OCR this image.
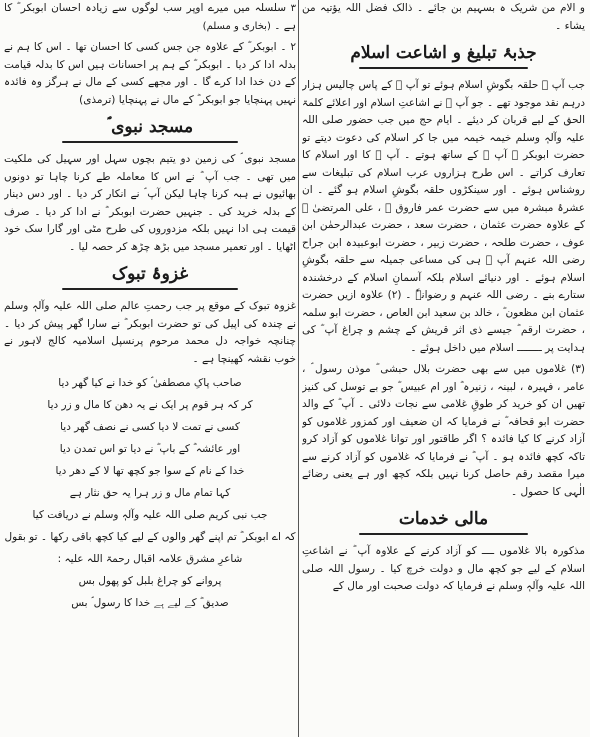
و الام من شریک ہ بسہیم بن جائے ۔ ذالک فضل اللہ یؤتیہ من یشاء ۔

جذبۂ تبلیغ و اشاعت اسلام

جب آپ ؓ حلقہ بگوشِ اسلام ہوئے تو آپ ؓ کے پاس چالیس ہزار درہم نقد موجود تھے ۔ جو آپ ؓ نے اشاعتِ اسلام اور اعلائے کلمۃ الحق کے لیے قربان کر دیئے ۔ ایام حج میں جب حضور صلی اللہ علیہ وآلہٖ وسلم خیمہ خیمہ میں جا کر اسلام کی دعوت دیتے تو حضرت ابوبکر ؓ آپ ؓ کے ساتھ ہوتے ۔ آپ ؓ کا اور اسلام کا تعارف کراتے ۔ اس طرح ہزاروں عرب اسلام کی تبلیغات سے روشناس ہوئے ۔ اور سینکڑوں حلقہ بگوشِ اسلام ہو گئے ۔ ان عشرۂ مبشرہ میں سے حضرت عمر فاروق ؓ ، علی المرتضیٰ ؓ کے علاوہ حضرت عثمان ، حضرت سعد ، حضرت عبدالرحمٰن ابن عوف ، حضرت طلحہ ، حضرت زبیر ، حضرت ابوعبیدہ ابن جراح رضی اللہ عنہم آپ ؓ ہی کی مساعی جمیلہ سے حلقہ بگوشِ اسلام ہوئے ۔ اور دنیائے اسلام بلکہ آسمانِ اسلام کے درخشندہ ستارے بنے ۔ رضی اللہ عنہم و رضوانہٗ ۔ (۲) علاوہ ازیں حضرت عثمان ابن مظعون ؓ ، خالد بن سعید ابن العاص ، حضرت ابو سلمہ ، حضرت ارقم ؓ جیسے ذی اثر قریش کے چشم و چراغ آپ ؓ کی ہدایت پر ــــــــ اسلام میں داخل ہوئے ۔

(۳) غلاموں میں سے بھی حضرت بلال حبشی ؓ موذن رسول ؐ ، عامر ، فہیرہ ، لبینہ ، زنیرہ ؓ اور ام عبیس ؓ جو بے توسل کی کنیز تھیں ان کو خرید کر طوقِ غلامی سے نجات دلائی ۔ آپ ؓ کے والد حضرت ابو قحافہ ؓ نے فرمایا کہ ان ضعیف اور کمزور غلاموں کو آزاد کرنے کا کیا فائدہ ؟ اگر طاقتور اور توانا غلاموں کو آزاد کرو تاکہ کچھ فائدہ ہو ۔ آپ ؓ نے فرمایا کہ غلاموں کو آزاد کرنے سے میرا مقصد رقم حاصل کرنا نہیں بلکہ کچھ اور ہے یعنی رضائے الٰہی کا حصول ۔

مالی خدمات

مذکورہ بالا غلاموں ــــ کو آزاد کرنے کے علاوہ آپ ؓ نے اشاعتِ اسلام کے لیے جو کچھ مال و دولت خرچ کیا ۔ رسول اللہ صلی اللہ علیہ وآلہٖ وسلم نے فرمایا کہ دولت صحبت اور مال کے

۳ سلسلہ میں میرے اوپر سب لوگوں سے زیادہ احسان ابوبکر ؓ کا ہے ۔ (بخاری و مسلم)

۲ ۔ ابوبکر ؓ کے علاوہ جن جس کسی کا احسان تھا ۔ اس کا ہم نے بدلہ ادا کر دیا ۔ ابوبکر ؓ کے ہم پر احسانات ہیں اس کا بدلہ قیامت کے دن خدا ادا کرے گا ۔ اور مجھے کسی کے مال نے ہرگز وہ فائدہ نہیں پہنچایا جو ابوبکر ؓ کے مال نے پہنچایا (ترمذی)

مسجد نبوی ؐ

مسجد نبوی ؐ کی زمین دو یتیم بچوں سہل اور سہیل کی ملکیت میں تھی ۔ جب آپ ؓ نے اس کا معاملہ طے کرنا چاہا تو دونوں بھائیوں نے ہبہ کرنا چاہا لیکن آپ ؐ نے انکار کر دیا ۔ اور دس دینار کے بدلہ خرید کی ۔ جنہیں حضرت ابوبکر ؓ نے ادا کر دیا ۔ صرف قیمت ہی ادا نہیں بلکہ مزدوروں کی طرح مٹی اور گارا سک خود اٹھایا ۔ اور تعمیر مسجد میں بڑھ چڑھ کر حصہ لیا ۔

غزوۂ تبوک

غزوہ تبوک کے موقع پر جب رحمتِ عالم صلی اللہ علیہ وآلہٖ وسلم نے چندہ کی اپیل کی تو حضرت ابوبکر ؓ نے سارا گھر پیش کر دیا ۔ چنانچہ خواجہ دل محمد مرحوم پرنسپل اسلامیہ کالج لاہور نے خوب نقشہ کھینچا ہے ۔

صاحب پاکِ مصطفیٰ ؐ کو خدا نے کیا گھر دیا
کر کہ ہر قوم پر ایک نے یہ دھن کا مال و زر دیا
کسی نے تمت لا دیا کسی نے نصف گھر دیا
اور عائشہ ؓ کے باپ ؓ نے دیا تو اس تمدن دیا
خدا کے نام کے سوا جو کچھ تھا لا کے دھر دیا
کہا تمام مال و زر ہرا یہ حق نثار ہے
جب نبی کریم صلی اللہ علیہ وآلہٖ وسلم نے دریافت کیا
کہ اے ابوبکر ؓ تم اپنے گھر والوں کے لیے کیا کچھ باقی رکھا ۔ تو بقول شاعرِ مشرق علامہ اقبال رحمۃ اللہ علیہ :
پروانے کو چراغ بلبل کو پھول بس
صدیق ؓ کے لیے ہے خدا کا رسول ؐ بس
